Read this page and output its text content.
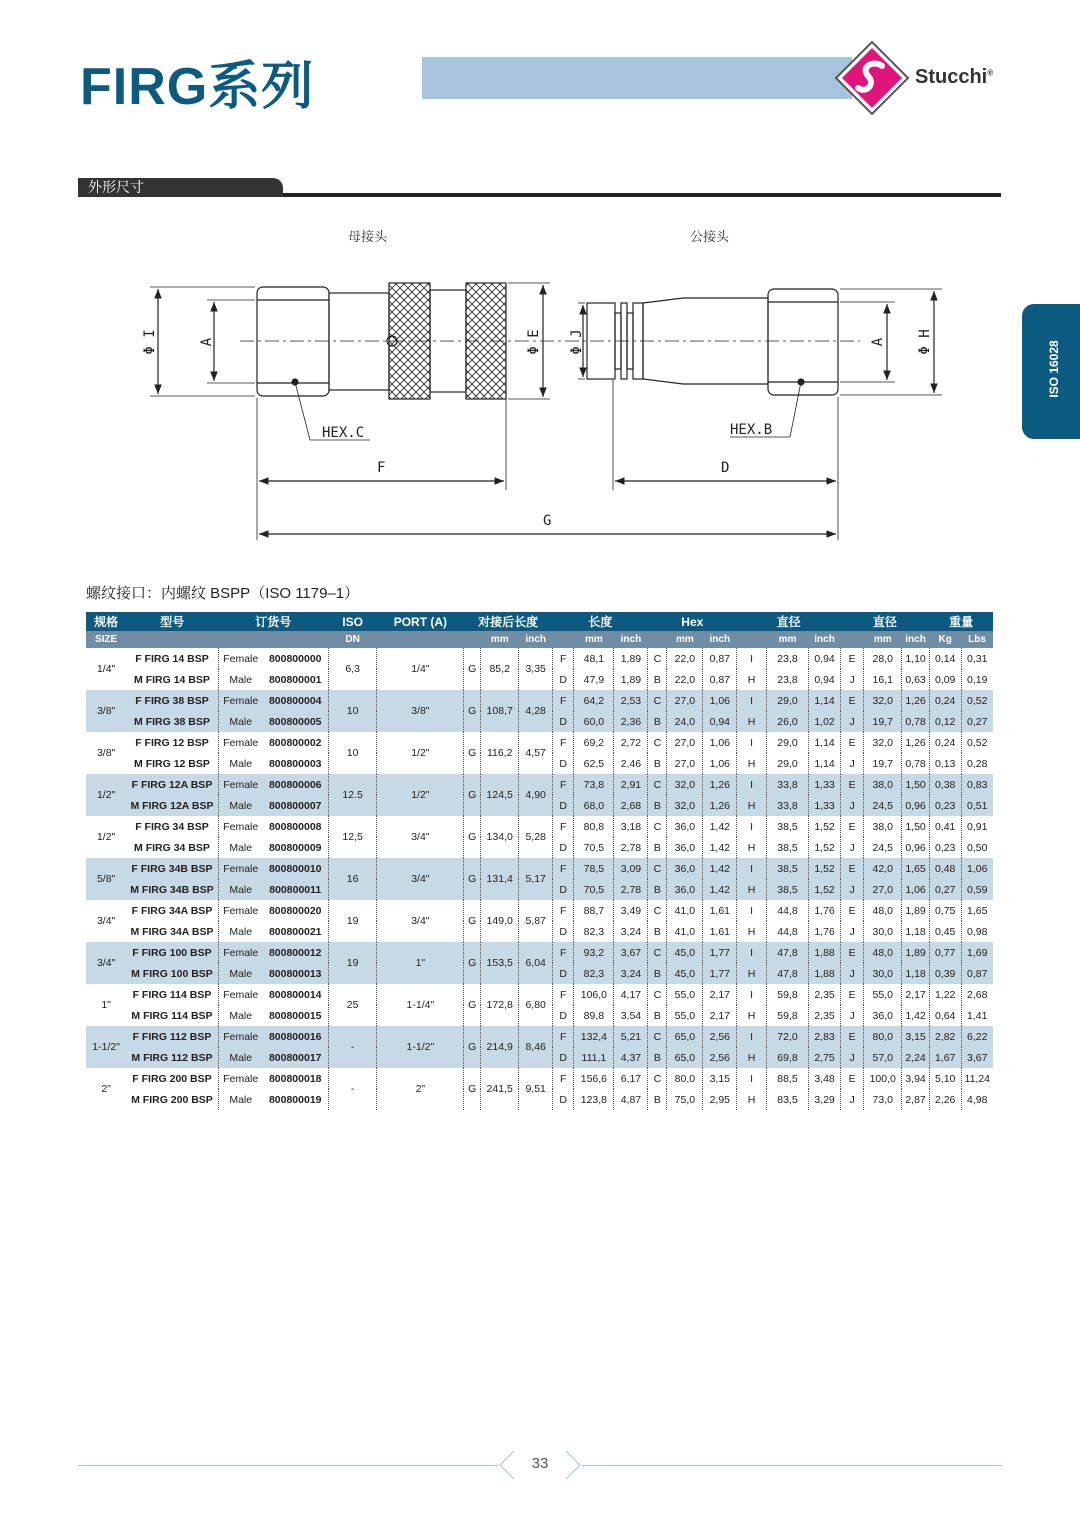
FIRG系列	Stucchi®
外形尺寸
ISO 16028
母接头	公接头
Φ I	A	Φ E Φ J	A Φ H
HEX.C	HEX.B
F	D
G
螺纹接口：内螺纹 BSPP（ISO 1179–1）
规格	型号	订货号		ISO	PORT (A)	对接后长度			长度			Hex			直径			直径			重量	
SIZE				DN			mm	inch		mm	inch		mm	inch		mm	inch		mm	inch	Kg	Lbs
1/4"	F FIRG 14 BSP	Female	800800000	6,3	1/4"	G	85,2	3,35	F	48,1	1,89	C	22,0	0,87	I	23,8	0,94	E	28,0	1,10	0,14	0,31
	M FIRG 14 BSP	Male	800800001						D	47,9	1,89	B	22,0	0,87	H	23,8	0,94	J	16,1	0,63	0,09	0,19
3/8"	F FIRG 38 BSP	Female	800800004	10	3/8"	G	108,7	4,28	F	64,2	2,53	C	27,0	1,06	I	29,0	1,14	E	32,0	1,26	0,24	0,52
	M FIRG 38 BSP	Male	800800005						D	60,0	2,36	B	24,0	0,94	H	26,0	1,02	J	19,7	0,78	0,12	0,27
3/8"	F FIRG 12 BSP	Female	800800002	10	1/2"	G	116,2	4,57	F	69,2	2,72	C	27,0	1,06	I	29,0	1,14	E	32,0	1,26	0,24	0,52
	M FIRG 12 BSP	Male	800800003						D	62,5	2,46	B	27,0	1,06	H	29,0	1,14	J	19,7	0,78	0,13	0,28
1/2"	F FIRG 12A BSP	Female	800800006	12.5	1/2"	G	124,5	4,90	F	73,8	2,91	C	32,0	1,26	I	33,8	1,33	E	38,0	1,50	0,38	0,83
	M FIRG 12A BSP	Male	800800007						D	68,0	2,68	B	32,0	1,26	H	33,8	1,33	J	24,5	0,96	0,23	0,51
1/2"	F FIRG 34 BSP	Female	800800008	12,5	3/4"	G	134,0	5,28	F	80,8	3,18	C	36,0	1,42	I	38,5	1,52	E	38,0	1,50	0,41	0,91
	M FIRG 34 BSP	Male	800800009						D	70,5	2,78	B	36,0	1,42	H	38,5	1,52	J	24,5	0,96	0,23	0,50
5/8"	F FIRG 34B BSP	Female	800800010	16	3/4"	G	131,4	5,17	F	78,5	3,09	C	36,0	1,42	I	38,5	1,52	E	42,0	1,65	0,48	1,06
	M FIRG 34B BSP	Male	800800011						D	70,5	2,78	B	36,0	1,42	H	38,5	1,52	J	27,0	1,06	0,27	0,59
3/4"	F FIRG 34A BSP	Female	800800020	19	3/4"	G	149,0	5,87	F	88,7	3,49	C	41,0	1,61	I	44,8	1,76	E	48,0	1,89	0,75	1,65
	M FIRG 34A BSP	Male	800800021						D	82,3	3,24	B	41,0	1,61	H	44,8	1,76	J	30,0	1,18	0,45	0,98
3/4"	F FIRG 100 BSP	Female	800800012	19	1"	G	153,5	6,04	F	93,2	3,67	C	45,0	1,77	I	47,8	1,88	E	48,0	1,89	0,77	1,69
	M FIRG 100 BSP	Male	800800013						D	82,3	3,24	B	45,0	1,77	H	47,8	1,88	J	30,0	1,18	0,39	0,87
1"	F FIRG 114 BSP	Female	800800014	25	1-1/4"	G	172,8	6,80	F	106,0	4,17	C	55,0	2,17	I	59,8	2,35	E	55,0	2,17	1,22	2,68
	M FIRG 114 BSP	Male	800800015						D	89,8	3,54	B	55,0	2,17	H	59,8	2,35	J	36,0	1,42	0,64	1,41
1-1/2"	F FIRG 112 BSP	Female	800800016	-	1-1/2"	G	214,9	8,46	F	132,4	5,21	C	65,0	2,56	I	72,0	2,83	E	80,0	3,15	2,82	6,22
	M FIRG 112 BSP	Male	800800017						D	111,1	4,37	B	65,0	2,56	H	69,8	2,75	J	57,0	2,24	1,67	3,67
2"	F FIRG 200 BSP	Female	800800018	-	2"	G	241,5	9,51	F	156,6	6,17	C	80,0	3,15	I	88,5	3,48	E	100,0	3,94	5,10	11,24
	M FIRG 200 BSP	Male	800800019						D	123,8	4,87	B	75,0	2,95	H	83,5	3,29	J	73,0	2,87	2,26	4,98
33
